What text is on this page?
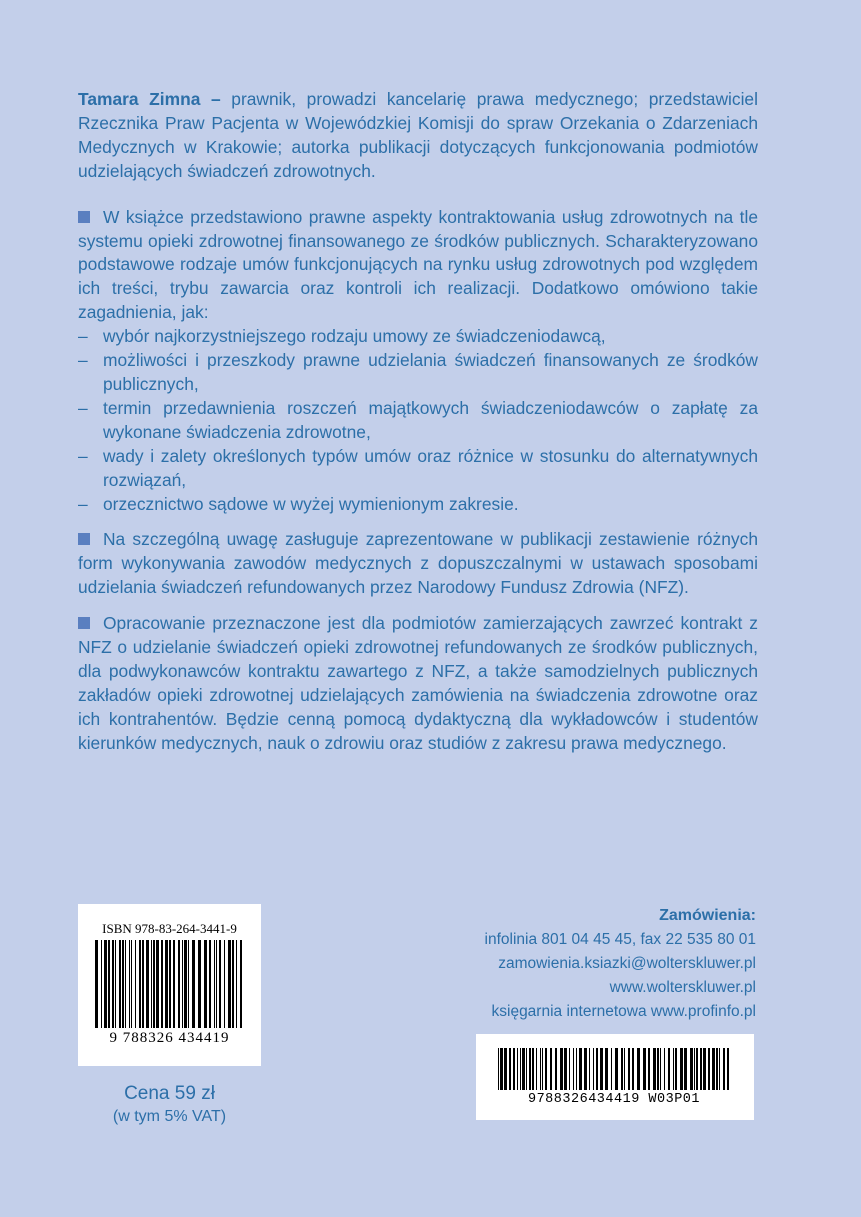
Tamara Zimna – prawnik, prowadzi kancelarię prawa medycznego; przedstawiciel Rzecznika Praw Pacjenta w Wojewódzkiej Komisji do spraw Orzekania o Zdarzeniach Medycznych w Krakowie; autorka publikacji dotyczących funkcjonowania podmiotów udzielających świadczeń zdrowotnych.

W książce przedstawiono prawne aspekty kontraktowania usług zdrowotnych na tle systemu opieki zdrowotnej finansowanego ze środków publicznych. Scharakteryzowano podstawowe rodzaje umów funkcjonujących na rynku usług zdrowotnych pod względem ich treści, trybu zawarcia oraz kontroli ich realizacji. Dodatkowo omówiono takie zagadnienia, jak:

– wybór najkorzystniejszego rodzaju umowy ze świadczeniodawcą,
– możliwości i przeszkody prawne udzielania świadczeń finansowanych ze środków publicznych,
– termin przedawnienia roszczeń majątkowych świadczeniodawców o zapłatę za wykonane świadczenia zdrowotne,
– wady i zalety określonych typów umów oraz różnice w stosunku do alternatywnych rozwiązań,
– orzecznictwo sądowe w wyżej wymienionym zakresie.

Na szczególną uwagę zasługuje zaprezentowane w publikacji zestawienie różnych form wykonywania zawodów medycznych z dopuszczalnymi w ustawach sposobami udzielania świadczeń refundowanych przez Narodowy Fundusz Zdrowia (NFZ).

Opracowanie przeznaczone jest dla podmiotów zamierzających zawrzeć kontrakt z NFZ o udzielanie świadczeń opieki zdrowotnej refundowanych ze środków publicznych, dla podwykonawców kontraktu zawartego z NFZ, a także samodzielnych publicznych zakładów opieki zdrowotnej udzielających zamówienia na świadczenia zdrowotne oraz ich kontrahentów. Będzie cenną pomocą dydaktyczną dla wykładowców i studentów kierunków medycznych, nauk o zdrowiu oraz studiów z zakresu prawa medycznego.

ISBN 978-83-264-3441-9
9 788326 434419
Cena 59 zł
(w tym 5% VAT)
Zamówienia:
infolinia 801 04 45 45, fax 22 535 80 01
zamowienia.ksiazki@wolterskluwer.pl
www.wolterskluwer.pl
księgarnia internetowa www.profinfo.pl
9788326434419 W03P01
